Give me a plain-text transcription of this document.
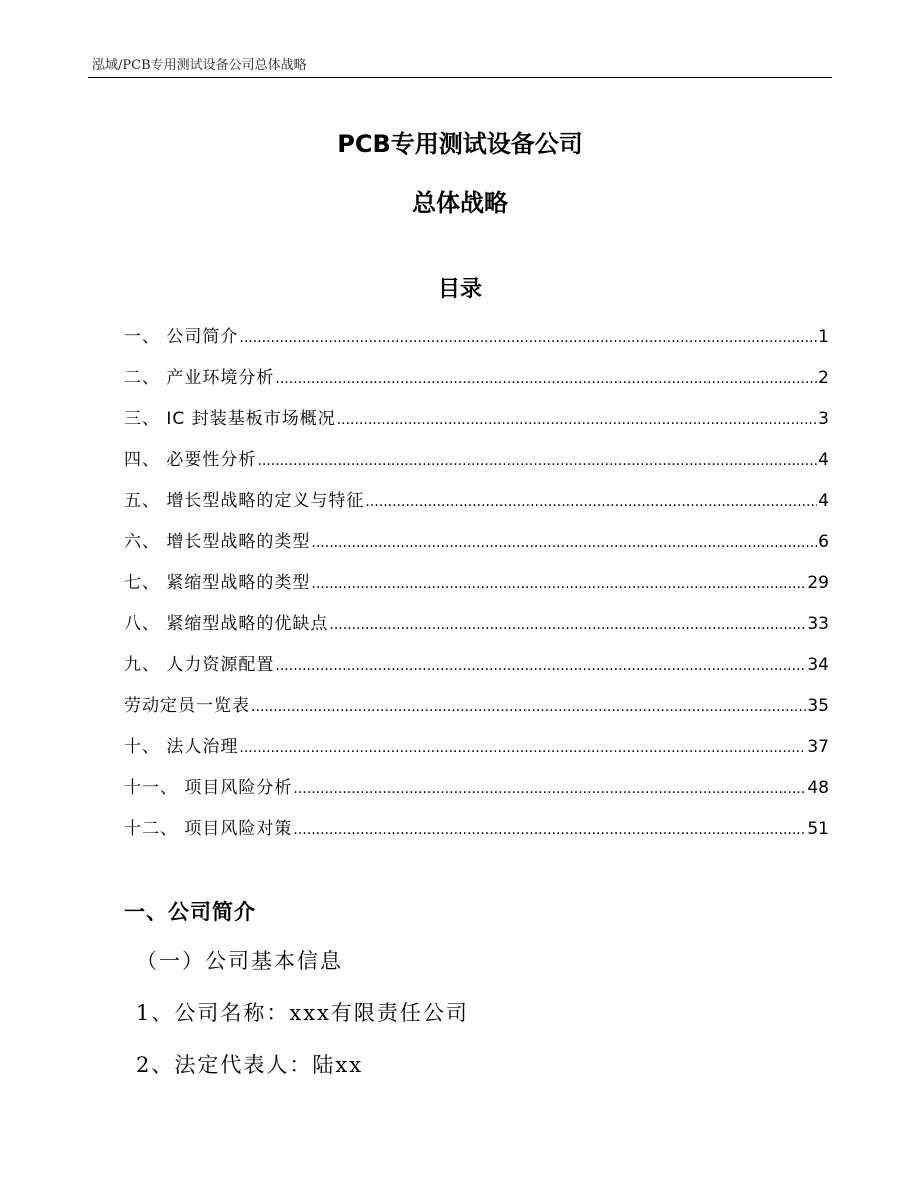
泓域/PCB专用测试设备公司总体战略
PCB专用测试设备公司
总体战略
目录
一、 公司简介 .....	1
二、 产业环境分析 .....	2
三、 IC 封装基板市场概况 .....	3
四、 必要性分析 .....	4
五、 增长型战略的定义与特征 .....	4
六、 增长型战略的类型 .....	6
七、 紧缩型战略的类型 .....	29
八、 紧缩型战略的优缺点 .....	33
九、 人力资源配置 .....	34
劳动定员一览表 .....	35
十、 法人治理 .....	37
十一、 项目风险分析 .....	48
十二、 项目风险对策 .....	51
一、公司简介
（一）公司基本信息
1、公司名称：xxx有限责任公司
2、法定代表人：陆xx
